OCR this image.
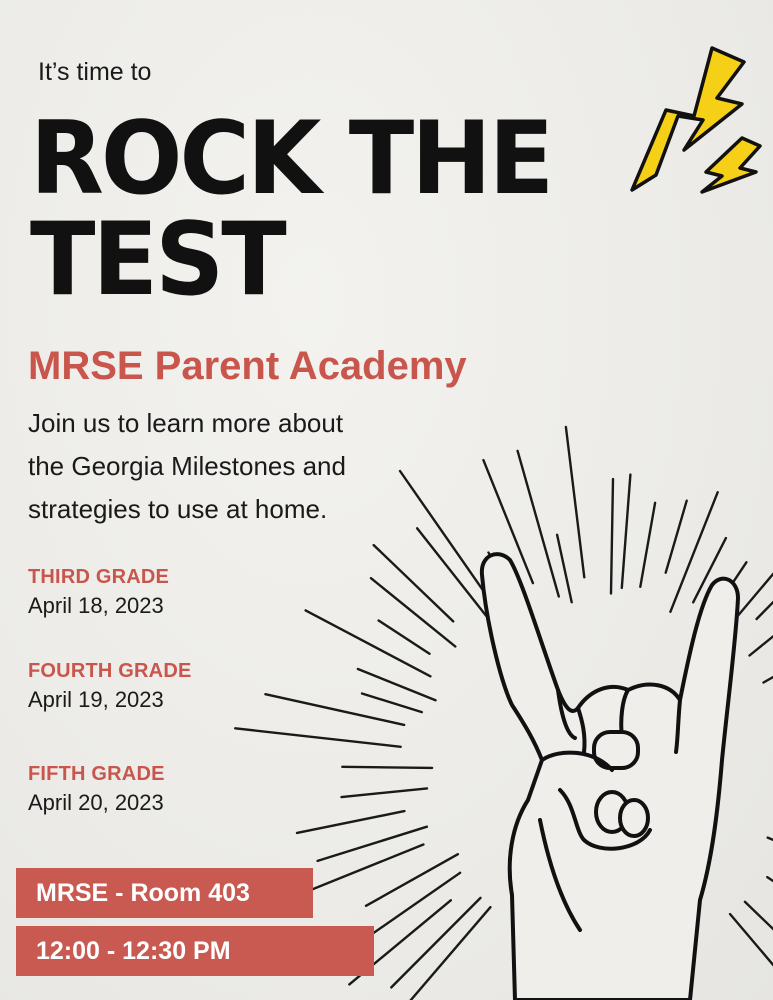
It’s time to
ROCK THE
TEST
MRSE Parent Academy
Join us to learn more about
the Georgia Milestones and
strategies to use at home.
THIRD GRADE
April 18, 2023
FOURTH GRADE
April 19, 2023
FIFTH GRADE
April 20, 2023
MRSE - Room 403
12:00 - 12:30 PM
